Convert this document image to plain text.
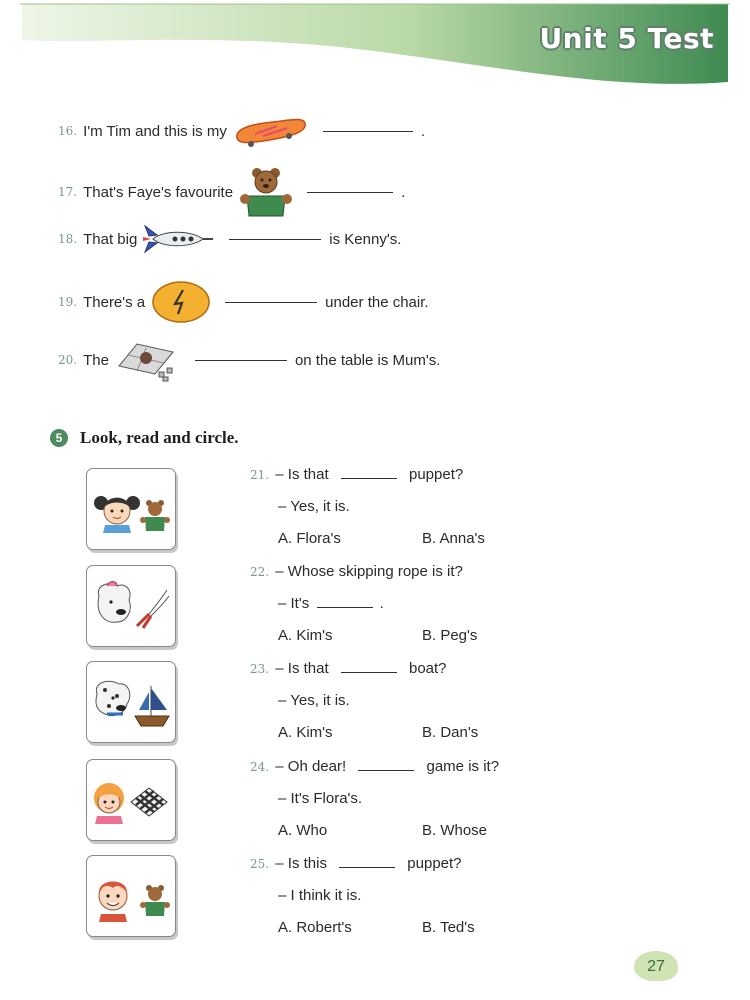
Unit 5 Test
16. I'm Tim and this is my	.
17. That's Faye's favourite	.
18. That big	is Kenny's.
19. There's a	under the chair.
20. The	on the table is Mum's.
5	Look, read and circle.
21. – Is that	puppet?
– Yes, it is.
A. Flora's	B. Anna's
22. – Whose skipping rope is it?
– It's	.
A. Kim's	B. Peg's
23. – Is that	boat?
– Yes, it is.
A. Kim's	B. Dan's
24. – Oh dear!	game is it?
– It's Flora's.
A. Who	B. Whose
25. – Is this	puppet?
– I think it is.
A. Robert's	B. Ted's
27
